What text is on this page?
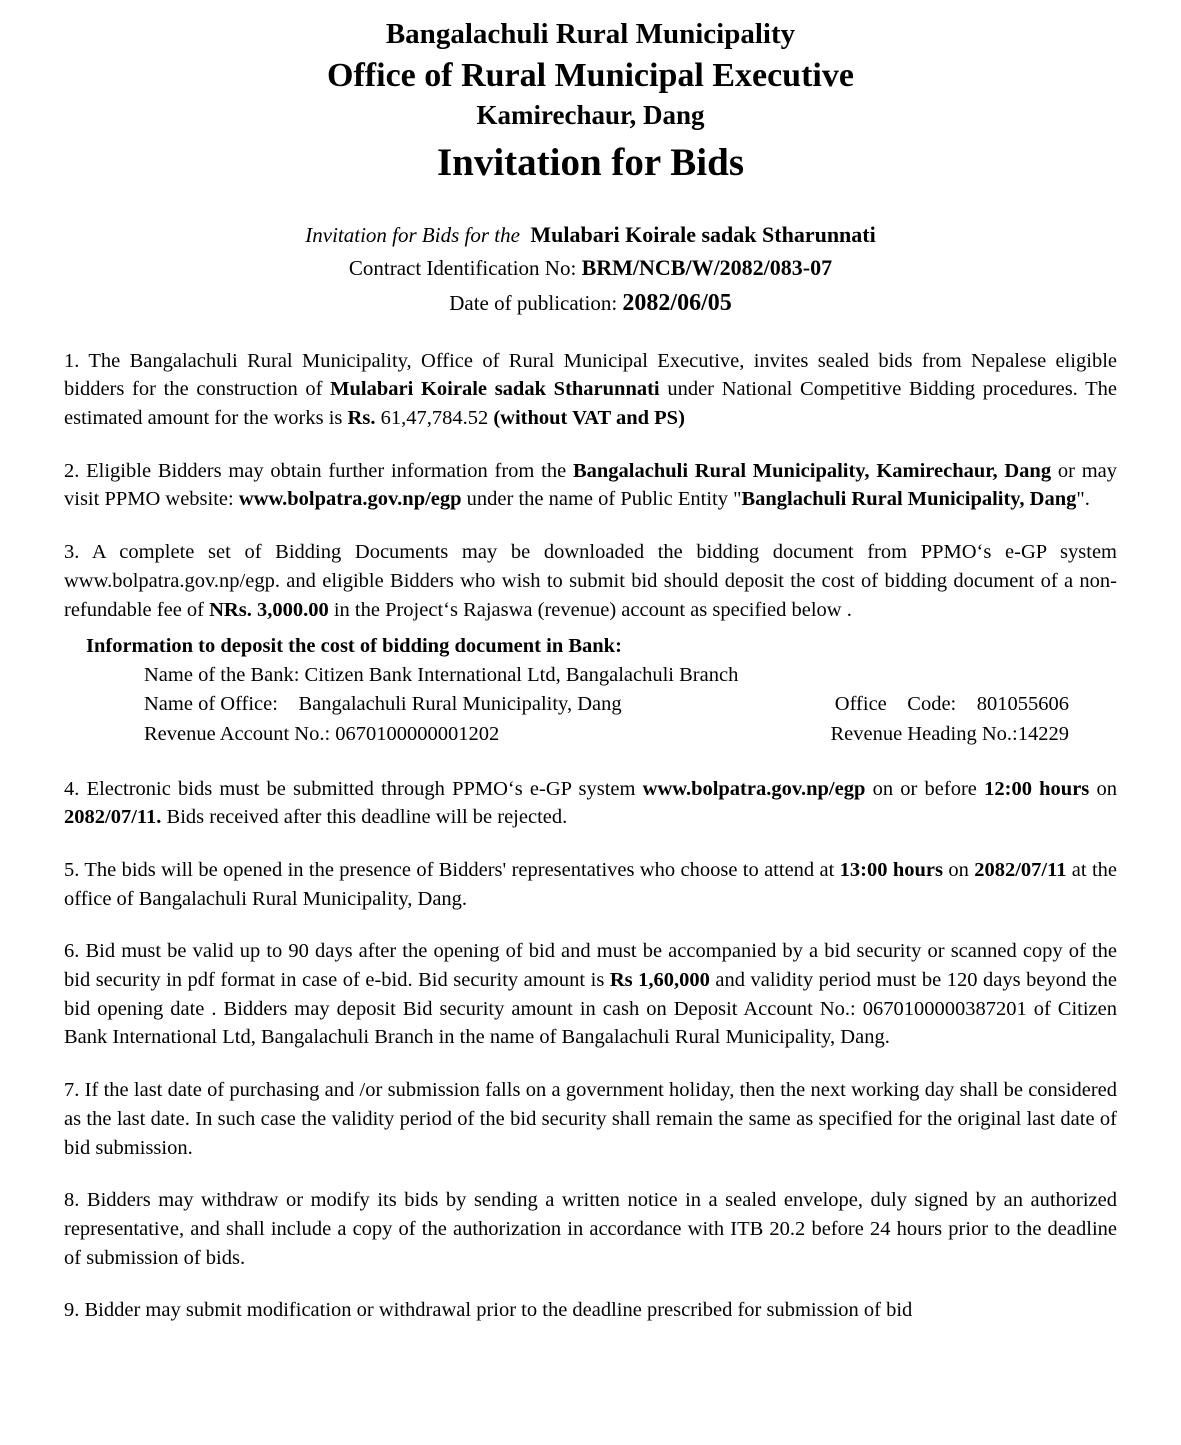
Bangalachuli Rural Municipality
Office of Rural Municipal Executive
Kamirechaur, Dang
Invitation for Bids
Invitation for Bids for the Mulabari Koirale sadak Stharunnati
Contract Identification No: BRM/NCB/W/2082/083-07
Date of publication: 2082/06/05

1. The Bangalachuli Rural Municipality, Office of Rural Municipal Executive, invites sealed bids from Nepalese eligible bidders for the construction of Mulabari Koirale sadak Stharunnati under National Competitive Bidding procedures. The estimated amount for the works is Rs. 61,47,784.52 (without VAT and PS)

2. Eligible Bidders may obtain further information from the Bangalachuli Rural Municipality, Kamirechaur, Dang or may visit PPMO website: www.bolpatra.gov.np/egp under the name of Public Entity "Banglachuli Rural Municipality, Dang".

3. A complete set of Bidding Documents may be downloaded the bidding document from PPMO‘s e-GP system www.bolpatra.gov.np/egp. and eligible Bidders who wish to submit bid should deposit the cost of bidding document of a non-refundable fee of NRs. 3,000.00 in the Project‘s Rajaswa (revenue) account as specified below .

Information to deposit the cost of bidding document in Bank:
Name of the Bank: Citizen Bank International Ltd, Bangalachuli Branch
Name of Office:    Bangalachuli Rural Municipality, Dang	Office    Code:    801055606
Revenue Account No.: 0670100000001202	Revenue Heading No.:14229

4. Electronic bids must be submitted through PPMO‘s e-GP system www.bolpatra.gov.np/egp on or before 12:00 hours on 2082/07/11. Bids received after this deadline will be rejected.

5. The bids will be opened in the presence of Bidders' representatives who choose to attend at 13:00 hours on 2082/07/11 at the office of Bangalachuli Rural Municipality, Dang.

6. Bid must be valid up to 90 days after the opening of bid and must be accompanied by a bid security or scanned copy of the bid security in pdf format in case of e-bid. Bid security amount is Rs 1,60,000 and validity period must be 120 days beyond the bid opening date . Bidders may deposit Bid security amount in cash on Deposit Account No.: 0670100000387201 of Citizen Bank International Ltd, Bangalachuli Branch in the name of Bangalachuli Rural Municipality, Dang.

7. If the last date of purchasing and /or submission falls on a government holiday, then the next working day shall be considered as the last date. In such case the validity period of the bid security shall remain the same as specified for the original last date of bid submission.

8. Bidders may withdraw or modify its bids by sending a written notice in a sealed envelope, duly signed by an authorized representative, and shall include a copy of the authorization in accordance with ITB 20.2 before 24 hours prior to the deadline of submission of bids.

9. Bidder may submit modification or withdrawal prior to the deadline prescribed for submission of bid
